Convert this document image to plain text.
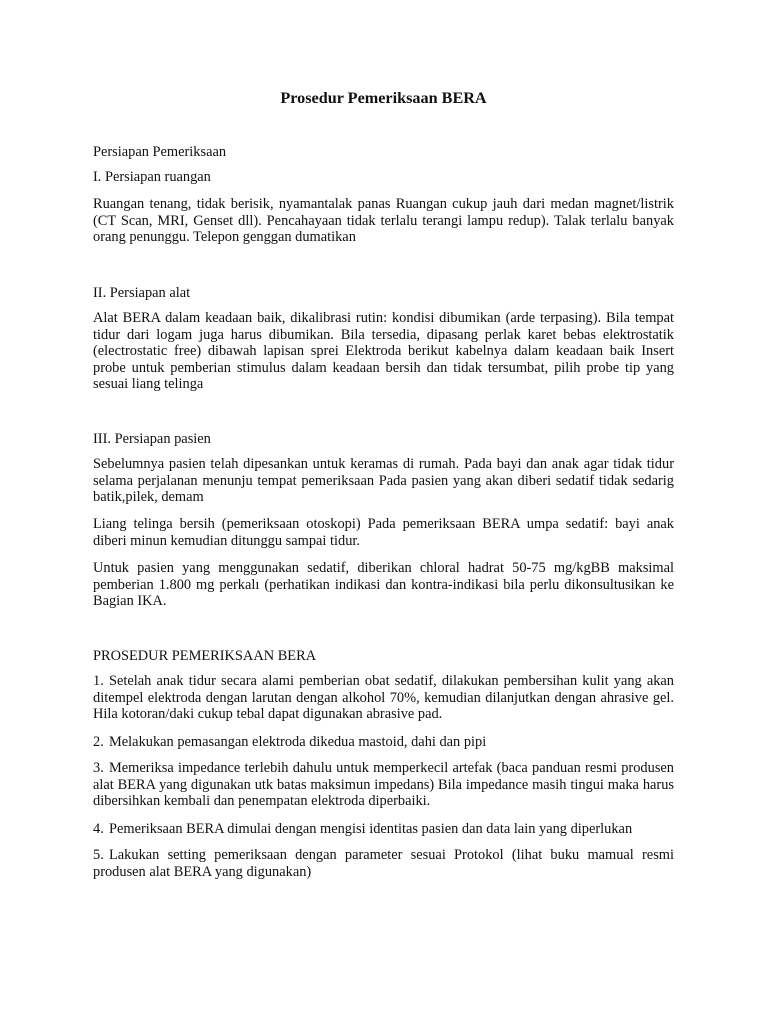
Prosedur Pemeriksaan BERA

Persiapan Pemeriksaan

I. Persiapan ruangan

Ruangan tenang, tidak berisik, nyamantalak panas Ruangan cukup jauh dari medan magnet/listrik (CT Scan, MRI, Genset dll). Pencahayaan tidak terlalu terangi lampu redup). Talak terlalu banyak orang penunggu. Telepon genggan dumatikan

II. Persiapan alat

Alat BERA dalam keadaan baik, dikalibrasi rutin: kondisi dibumikan (arde terpasing). Bila tempat tidur dari logam juga harus dibumikan. Bila tersedia, dipasang perlak karet bebas elektrostatik (electrostatic free) dibawah lapisan sprei Elektroda berikut kabelnya dalam keadaan baik Insert probe untuk pemberian stimulus dalam keadaan bersih dan tidak tersumbat, pilih probe tip yang sesuai liang telinga

III. Persiapan pasien

Sebelumnya pasien telah dipesankan untuk keramas di rumah. Pada bayi dan anak agar tidak tidur selama perjalanan menunju tempat pemeriksaan Pada pasien yang akan diberi sedatif tidak sedarig batik,pilek, demam

Liang telinga bersih (pemeriksaan otoskopi) Pada pemeriksaan BERA umpa sedatif: bayi anak diberi minun kemudian ditunggu sampai tidur.

Untuk pasien yang menggunakan sedatif, diberikan chloral hadrat 50-75 mg/kgBB maksimal pemberian 1.800 mg perkalı (perhatikan indikasi dan kontra-indikasi bila perlu dikonsultusikan ke Bagian IKA.

PROSEDUR PEMERIKSAAN BERA

1. Setelah anak tidur secara alami pemberian obat sedatif, dilakukan pembersihan kulit yang akan ditempel elektroda dengan larutan dengan alkohol 70%, kemudian dilanjutkan dengan ahrasive gel. Hila kotoran/daki cukup tebal dapat digunakan abrasive pad.

2. Melakukan pemasangan elektroda dikedua mastoid, dahi dan pipi

3. Memeriksa impedance terlebih dahulu untuk memperkecil artefak (baca panduan resmi produsen alat BERA yang digunakan utk batas maksimun impedans) Bila impedance masih tingui maka harus dibersihkan kembali dan penempatan elektroda diperbaiki.

4. Pemeriksaan BERA dimulai dengan mengisi identitas pasien dan data lain yang diperlukan

5. Lakukan setting pemeriksaan dengan parameter sesuai Protokol (lihat buku mamual resmi produsen alat BERA yang digunakan)
